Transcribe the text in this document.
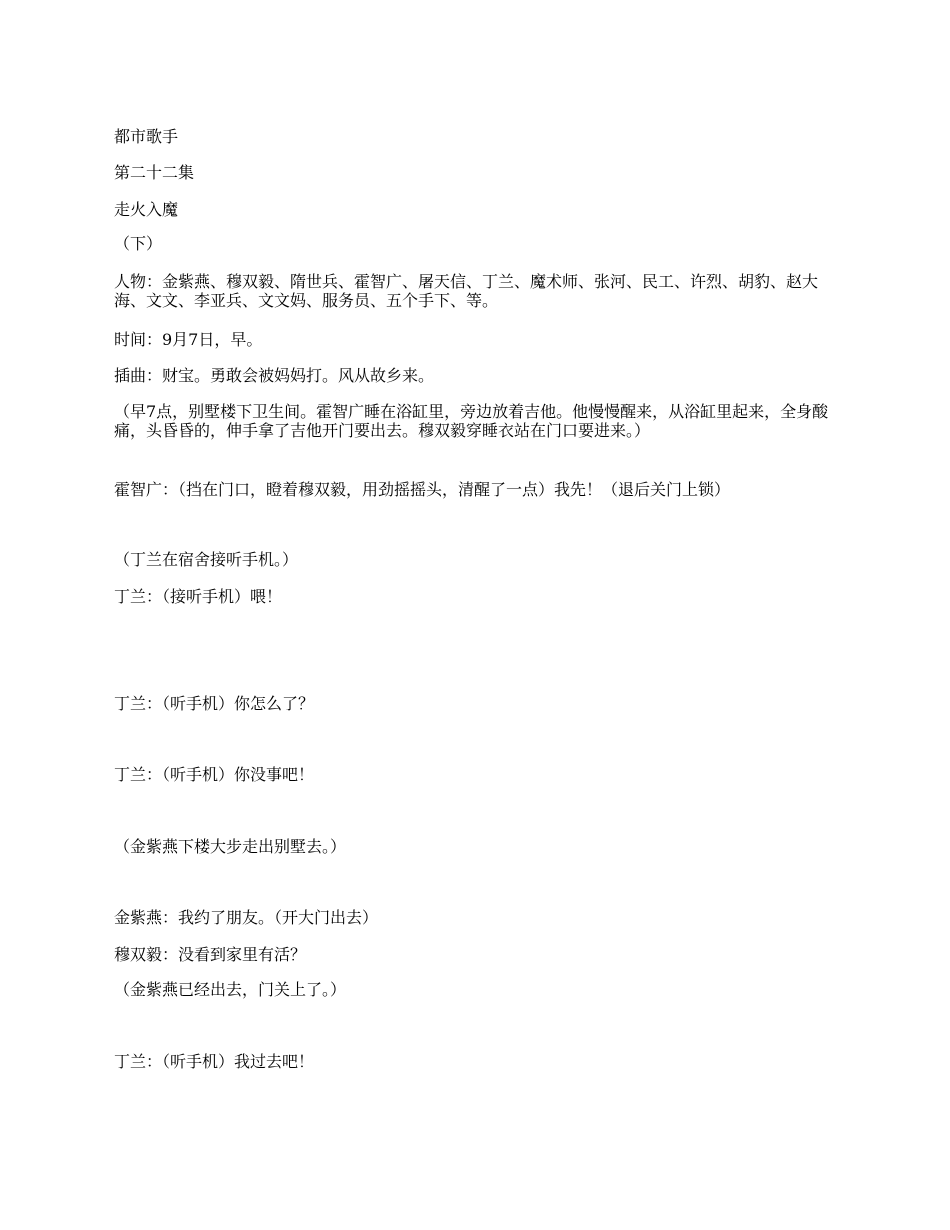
都市歌手
第二十二集
走火入魔
（下）
人物：金紫燕、穆双毅、隋世兵、霍智广、屠天信、丁兰、魔术师、张河、民工、许烈、胡豹、赵大海、文文、李亚兵、文文妈、服务员、五个手下、等。
时间：9月7日，早。
插曲：财宝。勇敢会被妈妈打。风从故乡来。
（早7点，别墅楼下卫生间。霍智广睡在浴缸里，旁边放着吉他。他慢慢醒来，从浴缸里起来，全身酸痛，头昏昏的，伸手拿了吉他开门要出去。穆双毅穿睡衣站在门口要进来。）
霍智广：（挡在门口，瞪着穆双毅，用劲摇摇头，清醒了一点）我先！（退后关门上锁）
（丁兰在宿舍接听手机。）
丁兰：（接听手机）喂！
丁兰：（听手机）你怎么了？
丁兰：（听手机）你没事吧！
（金紫燕下楼大步走出别墅去。）
金紫燕：我约了朋友。（开大门出去）
穆双毅：没看到家里有活？
（金紫燕已经出去，门关上了。）
丁兰：（听手机）我过去吧！
